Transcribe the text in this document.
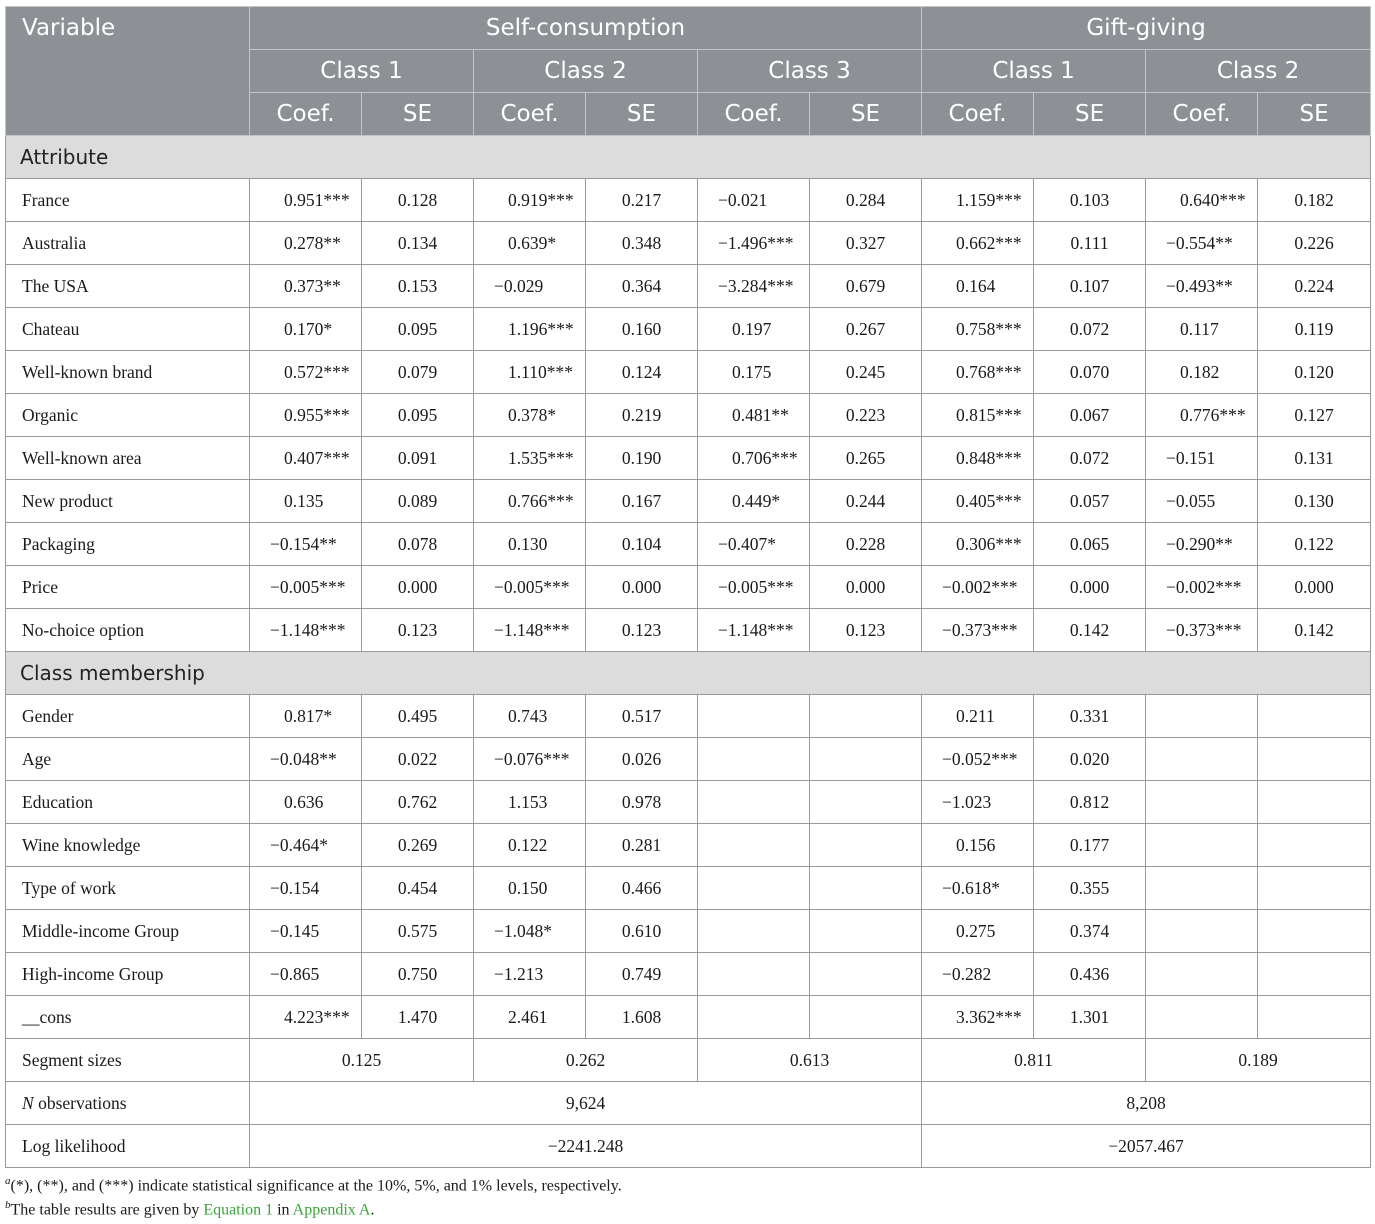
Variable	Self-consumption						Gift-giving			
	Class 1		Class 2		Class 3		Class 1		Class 2	
	Coef.	SE	Coef.	SE	Coef.	SE	Coef.	SE	Coef.	SE
Attribute										
France	0.951***	0.128	0.919***	0.217	−0.021	0.284	1.159***	0.103	0.640***	0.182
Australia	0.278**	0.134	0.639*	0.348	−1.496***	0.327	0.662***	0.111	−0.554**	0.226
The USA	0.373**	0.153	−0.029	0.364	−3.284***	0.679	0.164	0.107	−0.493**	0.224
Chateau	0.170*	0.095	1.196***	0.160	0.197	0.267	0.758***	0.072	0.117	0.119
Well-known brand	0.572***	0.079	1.110***	0.124	0.175	0.245	0.768***	0.070	0.182	0.120
Organic	0.955***	0.095	0.378*	0.219	0.481**	0.223	0.815***	0.067	0.776***	0.127
Well-known area	0.407***	0.091	1.535***	0.190	0.706***	0.265	0.848***	0.072	−0.151	0.131
New product	0.135	0.089	0.766***	0.167	0.449*	0.244	0.405***	0.057	−0.055	0.130
Packaging	−0.154**	0.078	0.130	0.104	−0.407*	0.228	0.306***	0.065	−0.290**	0.122
Price	−0.005***	0.000	−0.005***	0.000	−0.005***	0.000	−0.002***	0.000	−0.002***	0.000
No-choice option	−1.148***	0.123	−1.148***	0.123	−1.148***	0.123	−0.373***	0.142	−0.373***	0.142
Class membership										
Gender	0.817*	0.495	0.743	0.517			0.211	0.331		
Age	−0.048**	0.022	−0.076***	0.026			−0.052***	0.020		
Education	0.636	0.762	1.153	0.978			−1.023	0.812		
Wine knowledge	−0.464*	0.269	0.122	0.281			0.156	0.177		
Type of work	−0.154	0.454	0.150	0.466			−0.618*	0.355		
Middle-income Group	−0.145	0.575	−1.048*	0.610			0.275	0.374		
High-income Group	−0.865	0.750	−1.213	0.749			−0.282	0.436		
__cons	4.223***	1.470	2.461	1.608			3.362***	1.301		
Segment sizes	0.125		0.262		0.613		0.811		0.189	
N observations	9,624						8,208			
Log likelihood	−2241.248						−2057.467			
$^a$(*), (**), and (***) indicate statistical significance at the 10%, 5%, and 1% levels, respectively.
$^b$The table results are given by Equation 1 in Appendix A.
